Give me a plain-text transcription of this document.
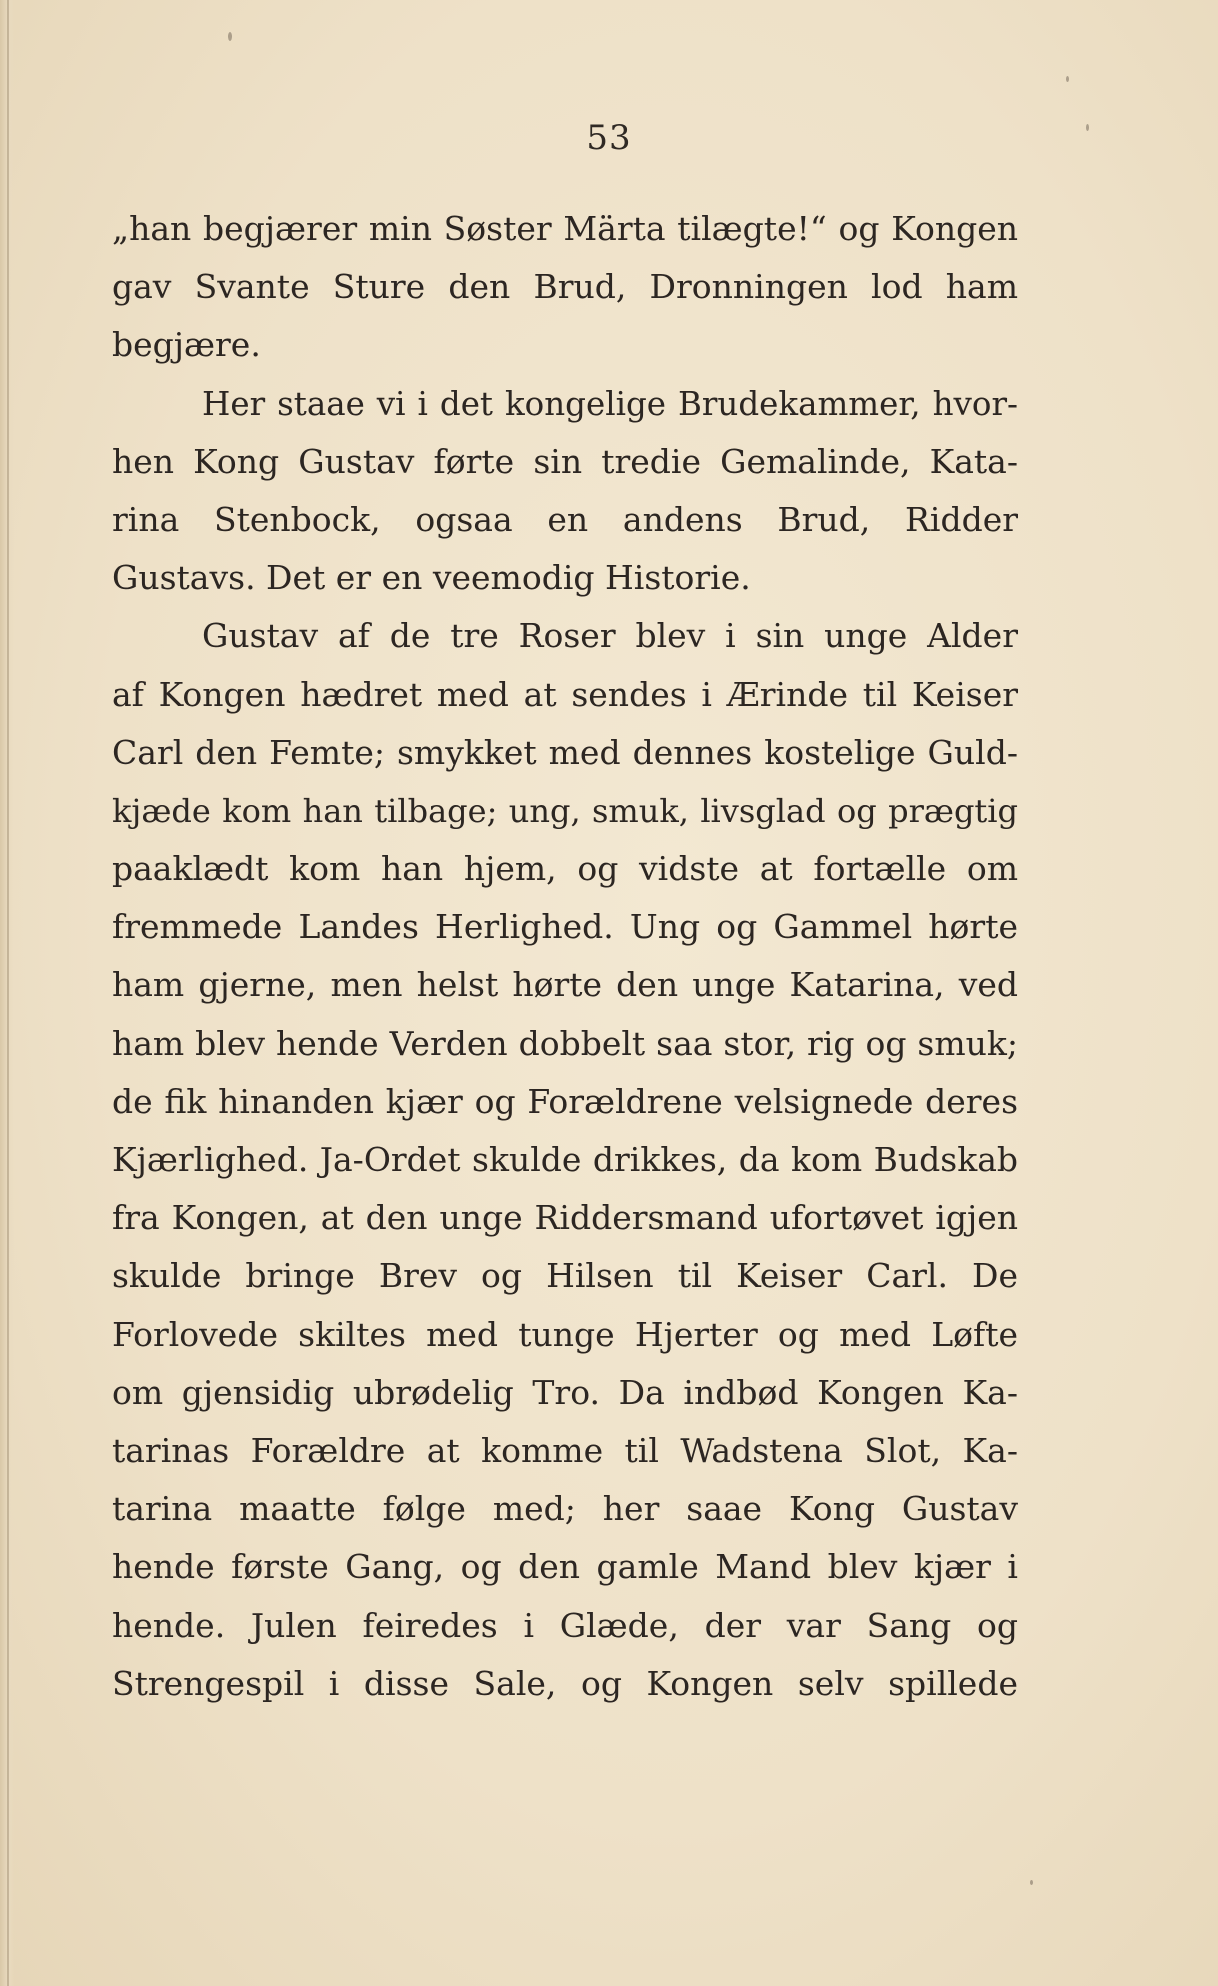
53
„han begjærer min Søster Märta tilægte!“ og Kongen
gav Svante Sture den Brud, Dronningen lod ham
begjære.
Her staae vi i det kongelige Brudekammer, hvor-
hen Kong Gustav førte sin tredie Gemalinde, Kata-
rina Stenbock, ogsaa en andens Brud, Ridder
Gustavs. Det er en veemodig Historie.
Gustav af de tre Roser blev i sin unge Alder
af Kongen hædret med at sendes i Ærinde til Keiser
Carl den Femte; smykket med dennes kostelige Guld-
kjæde kom han tilbage; ung, smuk, livsglad og prægtig
paaklædt kom han hjem, og vidste at fortælle om
fremmede Landes Herlighed. Ung og Gammel hørte
ham gjerne, men helst hørte den unge Katarina, ved
ham blev hende Verden dobbelt saa stor, rig og smuk;
de fik hinanden kjær og Forældrene velsignede deres
Kjærlighed. Ja-Ordet skulde drikkes, da kom Budskab
fra Kongen, at den unge Riddersmand ufortøvet igjen
skulde bringe Brev og Hilsen til Keiser Carl. De
Forlovede skiltes med tunge Hjerter og med Løfte
om gjensidig ubrødelig Tro. Da indbød Kongen Ka-
tarinas Forældre at komme til Wadstena Slot, Ka-
tarina maatte følge med; her saae Kong Gustav
hende første Gang, og den gamle Mand blev kjær i
hende. Julen feiredes i Glæde, der var Sang og
Strengespil i disse Sale, og Kongen selv spillede
